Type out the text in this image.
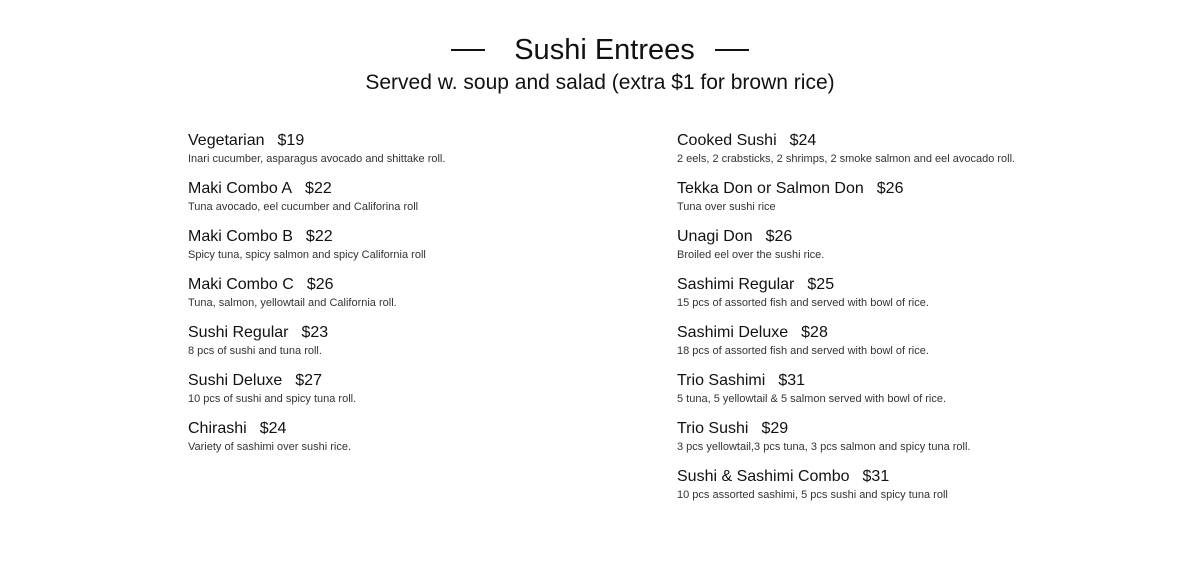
Sushi Entrees
Served w. soup and salad (extra $1 for brown rice)
Vegetarian $19
Inari cucumber, asparagus avocado and shittake roll.
Maki Combo A $22
Tuna avocado, eel cucumber and Califorina roll
Maki Combo B $22
Spicy tuna, spicy salmon and spicy California roll
Maki Combo C $26
Tuna, salmon, yellowtail and California roll.
Sushi Regular $23
8 pcs of sushi and tuna roll.
Sushi Deluxe $27
10 pcs of sushi and spicy tuna roll.
Chirashi $24
Variety of sashimi over sushi rice.
Cooked Sushi $24
2 eels, 2 crabsticks, 2 shrimps, 2 smoke salmon and eel avocado roll.
Tekka Don or Salmon Don $26
Tuna over sushi rice
Unagi Don $26
Broiled eel over the sushi rice.
Sashimi Regular $25
15 pcs of assorted fish and served with bowl of rice.
Sashimi Deluxe $28
18 pcs of assorted fish and served with bowl of rice.
Trio Sashimi $31
5 tuna, 5 yellowtail & 5 salmon served with bowl of rice.
Trio Sushi $29
3 pcs yellowtail,3 pcs tuna, 3 pcs salmon and spicy tuna roll.
Sushi & Sashimi Combo $31
10 pcs assorted sashimi, 5 pcs sushi and spicy tuna roll
